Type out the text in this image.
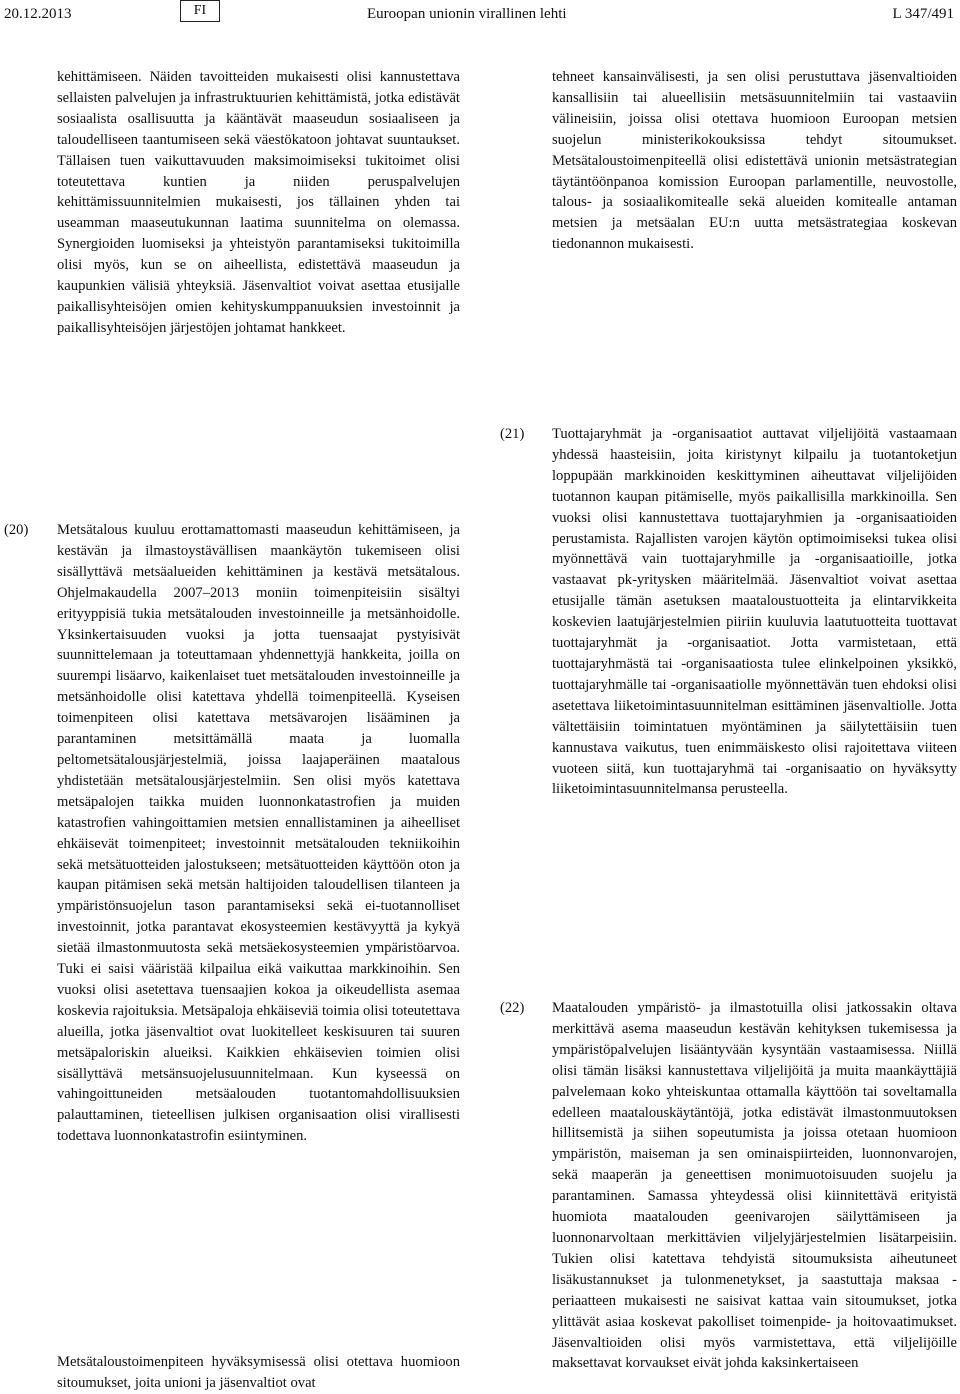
20.12.2013	FI	Euroopan unionin virallinen lehti	L 347/491

kehittämiseen. Näiden tavoitteiden mukaisesti olisi kannustettava sellaisten palvelujen ja infrastruktuurien kehittämistä, jotka edistävät sosiaalista osallisuutta ja kääntävät maaseudun sosiaaliseen ja taloudelliseen taantumiseen sekä väestökatoon johtavat suuntaukset. Tällaisen tuen vaikuttavuuden maksimoimiseksi tukitoimet olisi toteutettava kuntien ja niiden peruspalvelujen kehittämissuunnitelmien mukaisesti, jos tällainen yhden tai useamman maaseutukunnan laatima suunnitelma on olemassa. Synergioiden luomiseksi ja yhteistyön parantamiseksi tukitoimilla olisi myös, kun se on aiheellista, edistettävä maaseudun ja kaupunkien välisiä yhteyksiä. Jäsenvaltiot voivat asettaa etusijalle paikallisyhteisöjen omien kehityskumppanuuksien investoinnit ja paikallisyhteisöjen järjestöjen johtamat hankkeet.

tehneet kansainvälisesti, ja sen olisi perustuttava jäsenvaltioiden kansallisiin tai alueellisiin metsäsuunnitelmiin tai vastaaviin välineisiin, joissa olisi otettava huomioon Euroopan metsien suojelun ministerikokouksissa tehdyt sitoumukset. Metsätaloustoimenpiteellä olisi edistettävä unionin metsästrategian täytäntöönpanoa komission Euroopan parlamentille, neuvostolle, talous- ja sosiaalikomitealle sekä alueiden komitealle antaman metsien ja metsäalan EU:n uutta metsästrategiaa koskevan tiedonannon mukaisesti.

(20) Metsätalous kuuluu erottamattomasti maaseudun kehittämiseen, ja kestävän ja ilmastoystävällisen maankäytön tukemiseen olisi sisällyttävä metsäalueiden kehittäminen ja kestävä metsätalous. Ohjelmakaudella 2007–2013 moniin toimenpiteisiin sisältyi erityyppisiä tukia metsätalouden investoinneille ja metsänhoidolle. Yksinkertaisuuden vuoksi ja jotta tuensaajat pystyisivät suunnittelemaan ja toteuttamaan yhdennettyjä hankkeita, joilla on suurempi lisäarvo, kaikenlaiset tuet metsätalouden investoinneille ja metsänhoidolle olisi katettava yhdellä toimenpiteellä. Kyseisen toimenpiteen olisi katettava metsävarojen lisääminen ja parantaminen metsittämällä maata ja luomalla peltometsätalousjärjestelmiä, joissa laajaperäinen maatalous yhdistetään metsätalousjärjestelmiin. Sen olisi myös katettava metsäpalojen taikka muiden luonnonkatastrofien ja muiden katastrofien vahingoittamien metsien ennallistaminen ja aiheelliset ehkäisevät toimenpiteet; investoinnit metsätalouden tekniikoihin sekä metsätuotteiden jalostukseen; metsätuotteiden käyttöön oton ja kaupan pitämisen sekä metsän haltijoiden taloudellisen tilanteen ja ympäristönsuojelun tason parantamiseksi sekä ei-tuotannolliset investoinnit, jotka parantavat ekosysteemien kestävyyttä ja kykyä sietää ilmastonmuutosta sekä metsäekosysteemien ympäristöarvoa. Tuki ei saisi vääristää kilpailua eikä vaikuttaa markkinoihin. Sen vuoksi olisi asetettava tuensaajien kokoa ja oikeudellista asemaa koskevia rajoituksia. Metsäpaloja ehkäiseviä toimia olisi toteutettava alueilla, jotka jäsenvaltiot ovat luokitelleet keskisuuren tai suuren metsäpaloriskin alueiksi. Kaikkien ehkäisevien toimien olisi sisällyttävä metsänsuojelusuunnitelmaan. Kun kyseessä on vahingoittuneiden metsäalouden tuotantomahdollisuuksien palauttaminen, tieteellisen julkisen organisaation olisi virallisesti todettava luonnonkatastrofin esiintyminen.

Metsätaloustoimenpiteen hyväksymisessä olisi otettava huomioon sitoumukset, joita unioni ja jäsenvaltiot ovat

(21) Tuottajaryhmät ja -organisaatiot auttavat viljelijöitä vastaamaan yhdessä haasteisiin, joita kiristynyt kilpailu ja tuotantoketjun loppupään markkinoiden keskittyminen aiheuttavat viljelijöiden tuotannon kaupan pitämiselle, myös paikallisilla markkinoilla. Sen vuoksi olisi kannustettava tuottajaryhmien ja -organisaatioiden perustamista. Rajallisten varojen käytön optimoimiseksi tukea olisi myönnettävä vain tuottajaryhmille ja -organisaatioille, jotka vastaavat pk-yritysken määritelmää. Jäsenvaltiot voivat asettaa etusijalle tämän asetuksen maataloustuotteita ja elintarvikkeita koskevien laatujärjestelmien piiriin kuuluvia laatutuotteita tuottavat tuottajaryhmät ja -organisaatiot. Jotta varmistetaan, että tuottajaryhmästä tai -organisaatiosta tulee elinkelpoinen yksikkö, tuottajaryhmälle tai -organisaatiolle myönnettävän tuen ehdoksi olisi asetettava liiketoimintasuunnitelman esittäminen jäsenvaltiolle. Jotta vältettäisiin toimintatuen myöntäminen ja säilytettäisiin tuen kannustava vaikutus, tuen enimmäiskesto olisi rajoitettava viiteen vuoteen siitä, kun tuottajaryhmä tai -organisaatio on hyväksytty liiketoimintasuunnitelmansa perusteella.

(22) Maatalouden ympäristö- ja ilmastotuilla olisi jatkossakin oltava merkittävä asema maaseudun kestävän kehityksen tukemisessa ja ympäristöpalvelujen lisääntyvään kysyntään vastaamisessa. Niillä olisi tämän lisäksi kannustettava viljelijöitä ja muita maankäyttäjiä palvelemaan koko yhteiskuntaa ottamalla käyttöön tai soveltamalla edelleen maatalouskäytäntöjä, jotka edistävät ilmastonmuutoksen hillitsemistä ja siihen sopeutumista ja joissa otetaan huomioon ympäristön, maiseman ja sen ominaispiirteiden, luonnonvarojen, sekä maaperän ja geneettisen monimuotoisuuden suojelu ja parantaminen. Samassa yhteydessä olisi kiinnitettävä erityistä huomiota maatalouden geenivarojen säilyttämiseen ja luonnonarvoltaan merkittävien viljelyjärjestelmien lisätarpeisiin. Tukien olisi katettava tehdyistä sitoumuksista aiheutuneet lisäkustannukset ja tulonmenetykset, ja saastuttaja maksaa -periaatteen mukaisesti ne saisivat kattaa vain sitoumukset, jotka ylittävät asiaa koskevat pakolliset toimenpide- ja hoitovaatimukset. Jäsenvaltioiden olisi myös varmistettava, että viljelijöille maksettavat korvaukset eivät johda kaksinkertaiseen
